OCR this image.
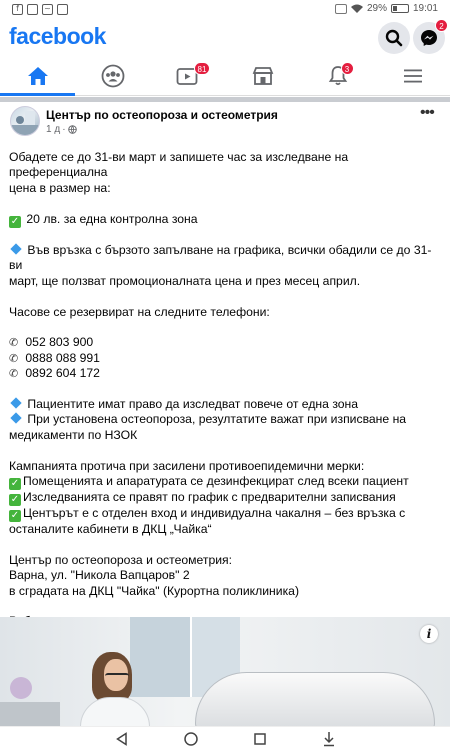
f	~	29%	19:01
facebook	2
81	3
Център по остеопороза и остеометрия
1 д ·
•••

Обадете се до 31-ви март и запишете час за изследване на преференциална

цена в размер на:

✓ 20 лв. за една контролна зона

Във връзка с бързото запълване на графика, всички обадили се до 31-ви

март, ще ползват промоционалната цена и през месец април.

Часове се резервират на следните телефони:

✆ 052 803 900

✆ 0888 088 991

✆ 0892 604 172

Пациентите имат право да изследват повече от една зона

При установена остеопороза, резултатите важат при изписване на

медикаменти по НЗОК

Кампанията протича при засилени противоепидемични мерки:

✓ Помещенията и апаратурата се дезинфекцират след всеки пациент

✓ Изследванията се правят по график с предварителни записвания

✓ Центърът е с отделен вход и индивидуална чакалня – без връзка с

останалите кабинети в ДКЦ „Чайка“

Център по остеопороза и остеометрия:

Варна, ул. "Никола Вапцаров" 2

в сградата на ДКЦ "Чайка" (Курортна поликлиника)

i
